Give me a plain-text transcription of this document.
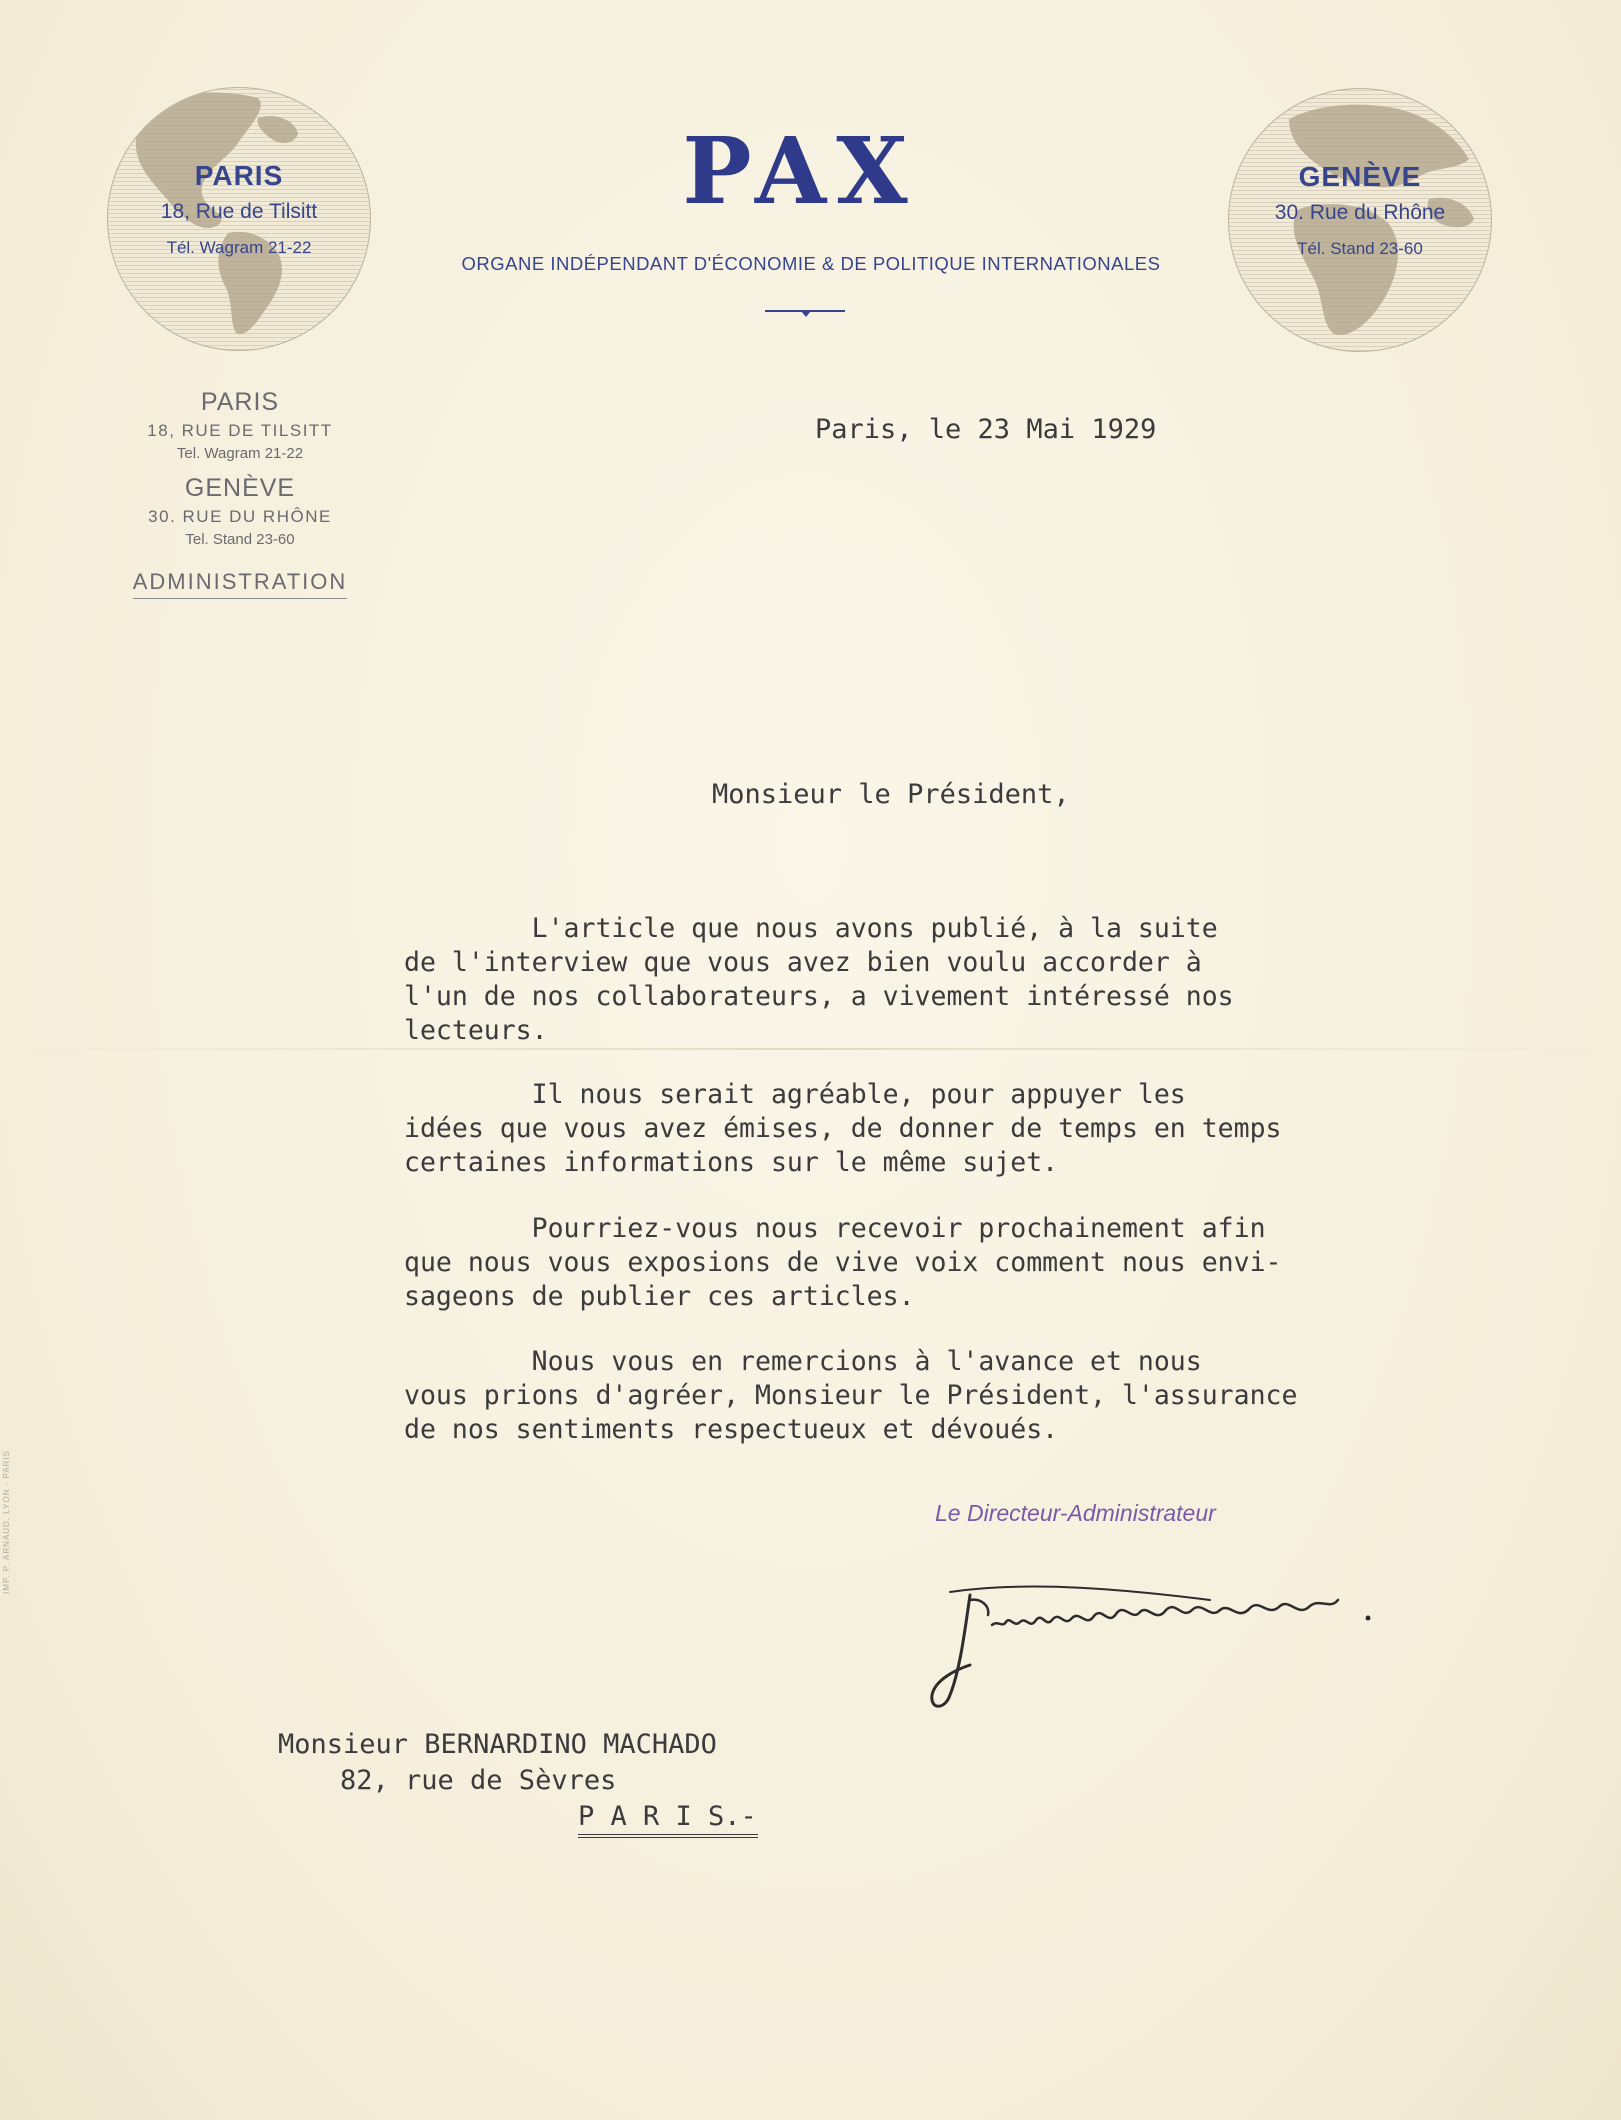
PARIS
18, Rue de Tilsitt
Tél. Wagram 21-22
GENÈVE
30. Rue du Rhône
Tél. Stand 23-60
PAX
ORGANE INDÉPENDANT D'ÉCONOMIE & DE POLITIQUE INTERNATIONALES
PARIS
18, RUE DE TILSITT
Tel. Wagram 21-22
GENÈVE
30. RUE DU RHÔNE
Tel. Stand 23-60
ADMINISTRATION
Paris, le 23 Mai 1929
Monsieur le Président,
L'article que nous avons publié, à la suite
de l'interview que vous avez bien voulu accorder à
l'un de nos collaborateurs, a vivement intéressé nos
lecteurs.
Il nous serait agréable, pour appuyer les
idées que vous avez émises, de donner de temps en temps
certaines informations sur le même sujet.
Pourriez-vous nous recevoir prochainement afin
que nous vous exposions de vive voix comment nous envi-
sageons de publier ces articles.
Nous vous en remercions à l'avance et nous
vous prions d'agréer, Monsieur le Président, l'assurance
de nos sentiments respectueux et dévoués.
Le Directeur-Administrateur
Monsieur BERNARDINO MACHADO
82, rue de Sèvres
P A R I S.-
IMP. P. ARNAUD, LYON - PARIS
